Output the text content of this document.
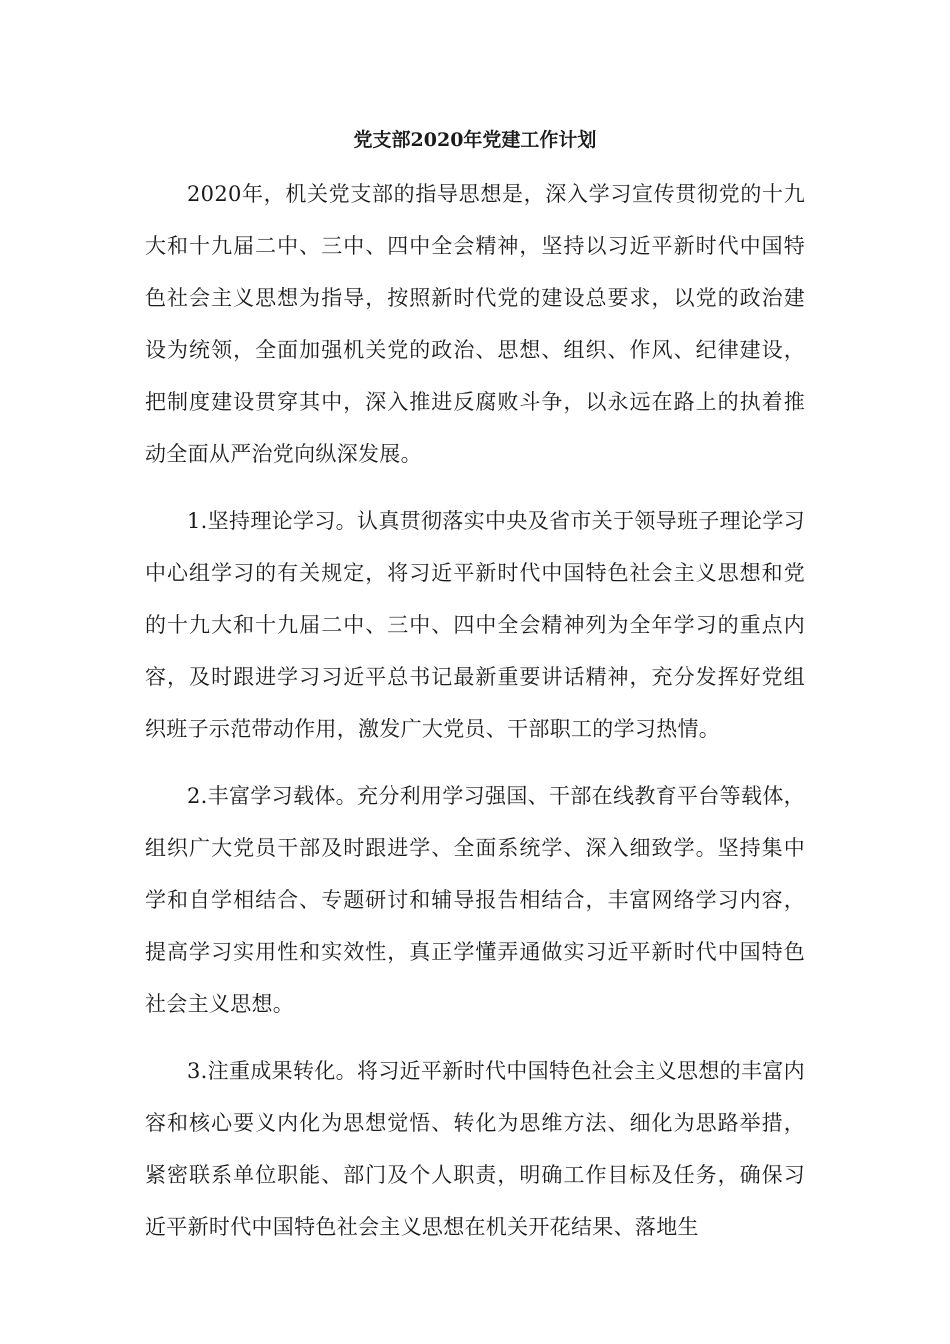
党支部2020年党建工作计划

2020年，机关党支部的指导思想是，深入学习宣传贯彻党的十九大和十九届二中、三中、四中全会精神，坚持以习近平新时代中国特色社会主义思想为指导，按照新时代党的建设总要求，以党的政治建设为统领，全面加强机关党的政治、思想、组织、作风、纪律建设，把制度建设贯穿其中，深入推进反腐败斗争，以永远在路上的执着推动全面从严治党向纵深发展。

1.坚持理论学习。认真贯彻落实中央及省市关于领导班子理论学习中心组学习的有关规定，将习近平新时代中国特色社会主义思想和党的十九大和十九届二中、三中、四中全会精神列为全年学习的重点内容，及时跟进学习习近平总书记最新重要讲话精神，充分发挥好党组织班子示范带动作用，激发广大党员、干部职工的学习热情。

2.丰富学习载体。充分利用学习强国、干部在线教育平台等载体，组织广大党员干部及时跟进学、全面系统学、深入细致学。坚持集中学和自学相结合、专题研讨和辅导报告相结合，丰富网络学习内容，提高学习实用性和实效性，真正学懂弄通做实习近平新时代中国特色社会主义思想。

3.注重成果转化。将习近平新时代中国特色社会主义思想的丰富内容和核心要义内化为思想觉悟、转化为思维方法、细化为思路举措，紧密联系单位职能、部门及个人职责，明确工作目标及任务，确保习近平新时代中国特色社会主义思想在机关开花结果、落地生
